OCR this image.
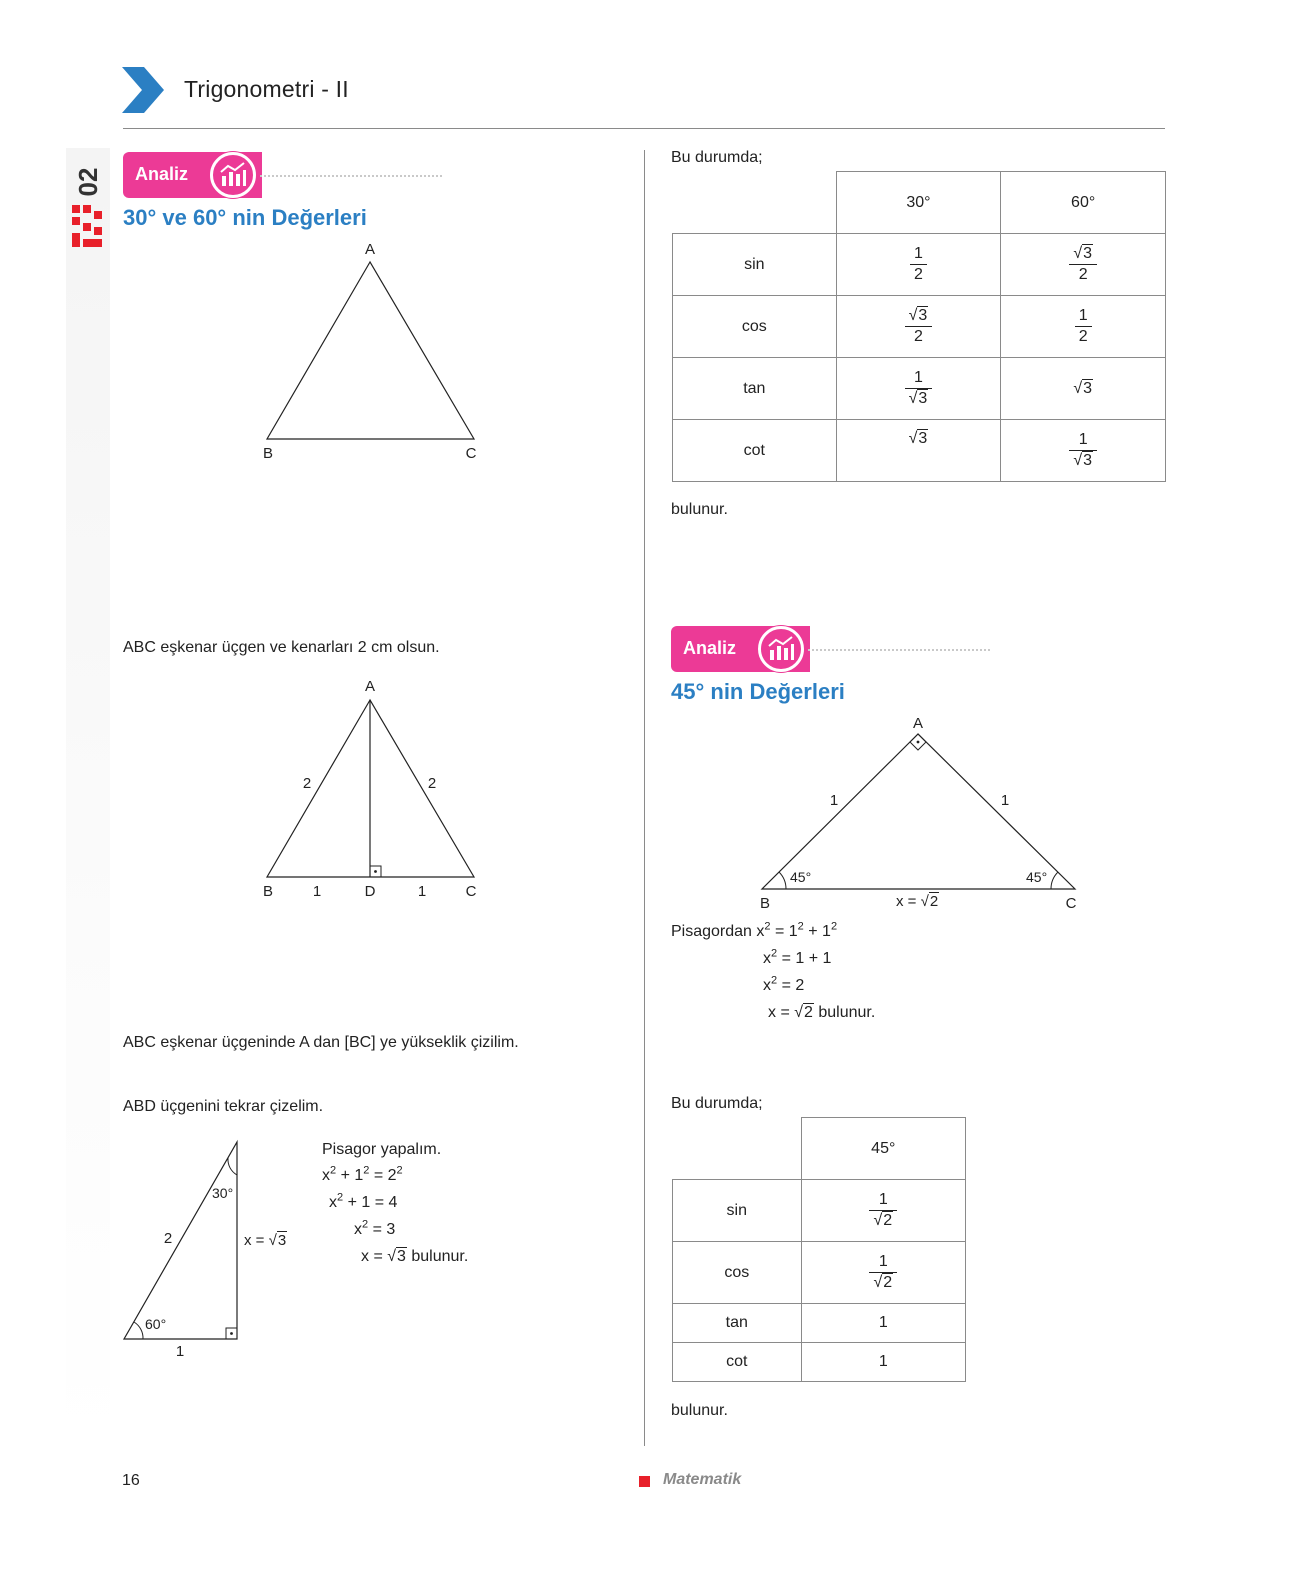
Trigonometri - II
02	Analiz
30° ve 60° nin Değerleri
A
B	C
ABC eşkenar üçgen ve kenarları 2 cm olsun.
A
B	C
D
2	2
1	1
ABC eşkenar üçgeninde A dan [BC] ye yükseklik çizilim.
ABD üçgenini tekrar çizelim.
30°
60°
2
1
x = √3
Pisagor yapalım.
$x^2 + 1^2 = 2^2$
$x^2 + 1 = 4$
$x^2 = 3$
x = √3 bulunur.
Bu durumda;
	30°	60°
sin	$\frac{1}{2}$	$\frac{√3}{2}$

cos	$\frac{√3}{2}$	$\frac{1}{2}$

tan	$\frac{1}{√3}$	√3
cot	√3	$\frac{1}{√3}$
bulunur.
Analiz
45° nin Değerleri
A
B	C
1	1
45°	45°
x = √2
Pisagordan $x^2 = 1^2 + 1^2$
$x^2 = 1 + 1$
$x^2 = 2$
x = √2 bulunur.
Bu durumda;
	45°
sin	$\frac{1}{√2}$

cos	$\frac{1}{√2}$

tan	1
cot	1
bulunur.
16	Matematik
